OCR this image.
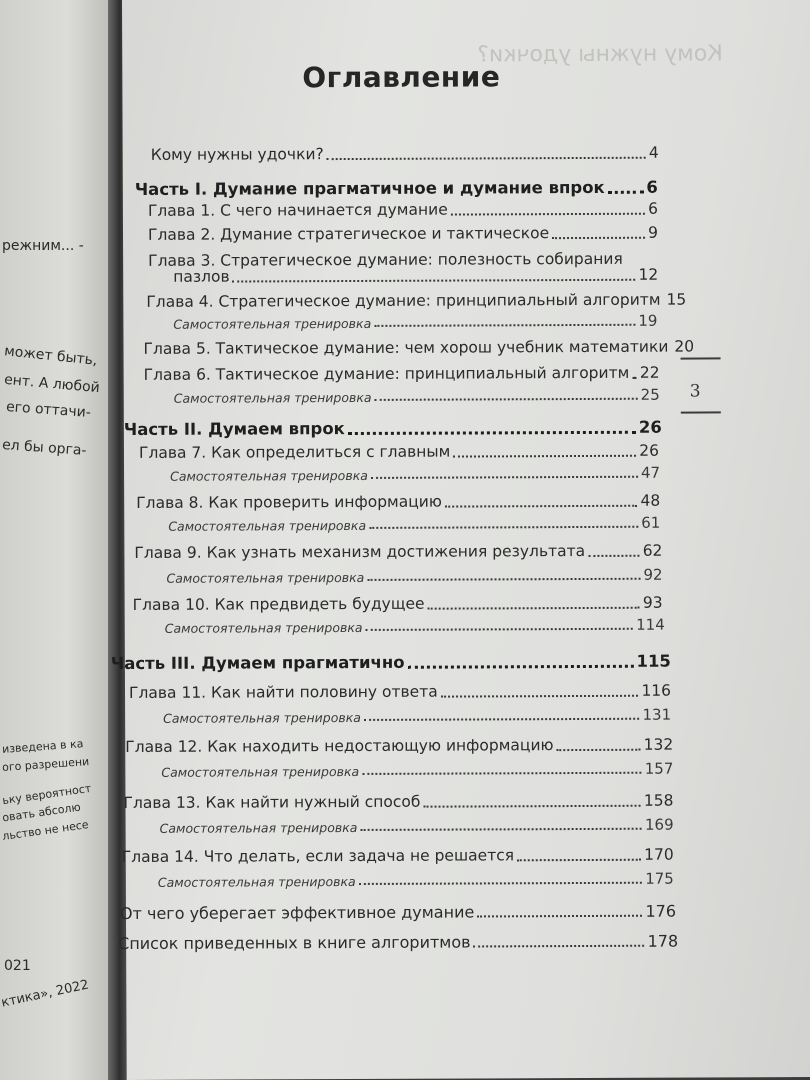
режним... -
может быть,
ент. А любой
его оттачи-
ел бы орга-
изведена в ка
ого разрешени
ьку вероятност
овать абсолю
льство не несе
021
ктика», 2022
Кому нужны удочки?
Оглавление
Кому нужны удочки?	4
Часть I. Думание прагматичное и думание впрок	6
Глава 1. С чего начинается думание	6
Глава 2. Думание стратегическое и тактическое	9
Глава 3. Стратегическое думание: полезность собирания
пазлов	12
Глава 4. Стратегическое думание: принципиальный алгоритм 15
Самостоятельная тренировка	19
Глава 5. Тактическое думание: чем хорош учебник математики 20
Глава 6. Тактическое думание: принципиальный алгоритм 22
Самостоятельная тренировка	25
Часть II. Думаем впрок	26
Глава 7. Как определиться с главным	26
Самостоятельная тренировка	47
Глава 8. Как проверить информацию	48
Самостоятельная тренировка	61
Глава 9. Как узнать механизм достижения результата	62
Самостоятельная тренировка	92
Глава 10. Как предвидеть будущее	93
Самостоятельная тренировка	114
Часть III. Думаем прагматично	115
Глава 11. Как найти половину ответа	116
Самостоятельная тренировка	131
Глава 12. Как находить недостающую информацию	132
Самостоятельная тренировка	157
Глава 13. Как найти нужный способ	158
Самостоятельная тренировка	169
Глава 14. Что делать, если задача не решается	170
Самостоятельная тренировка	175
От чего уберегает эффективное думание	176
Список приведенных в книге алгоритмов	178
3
